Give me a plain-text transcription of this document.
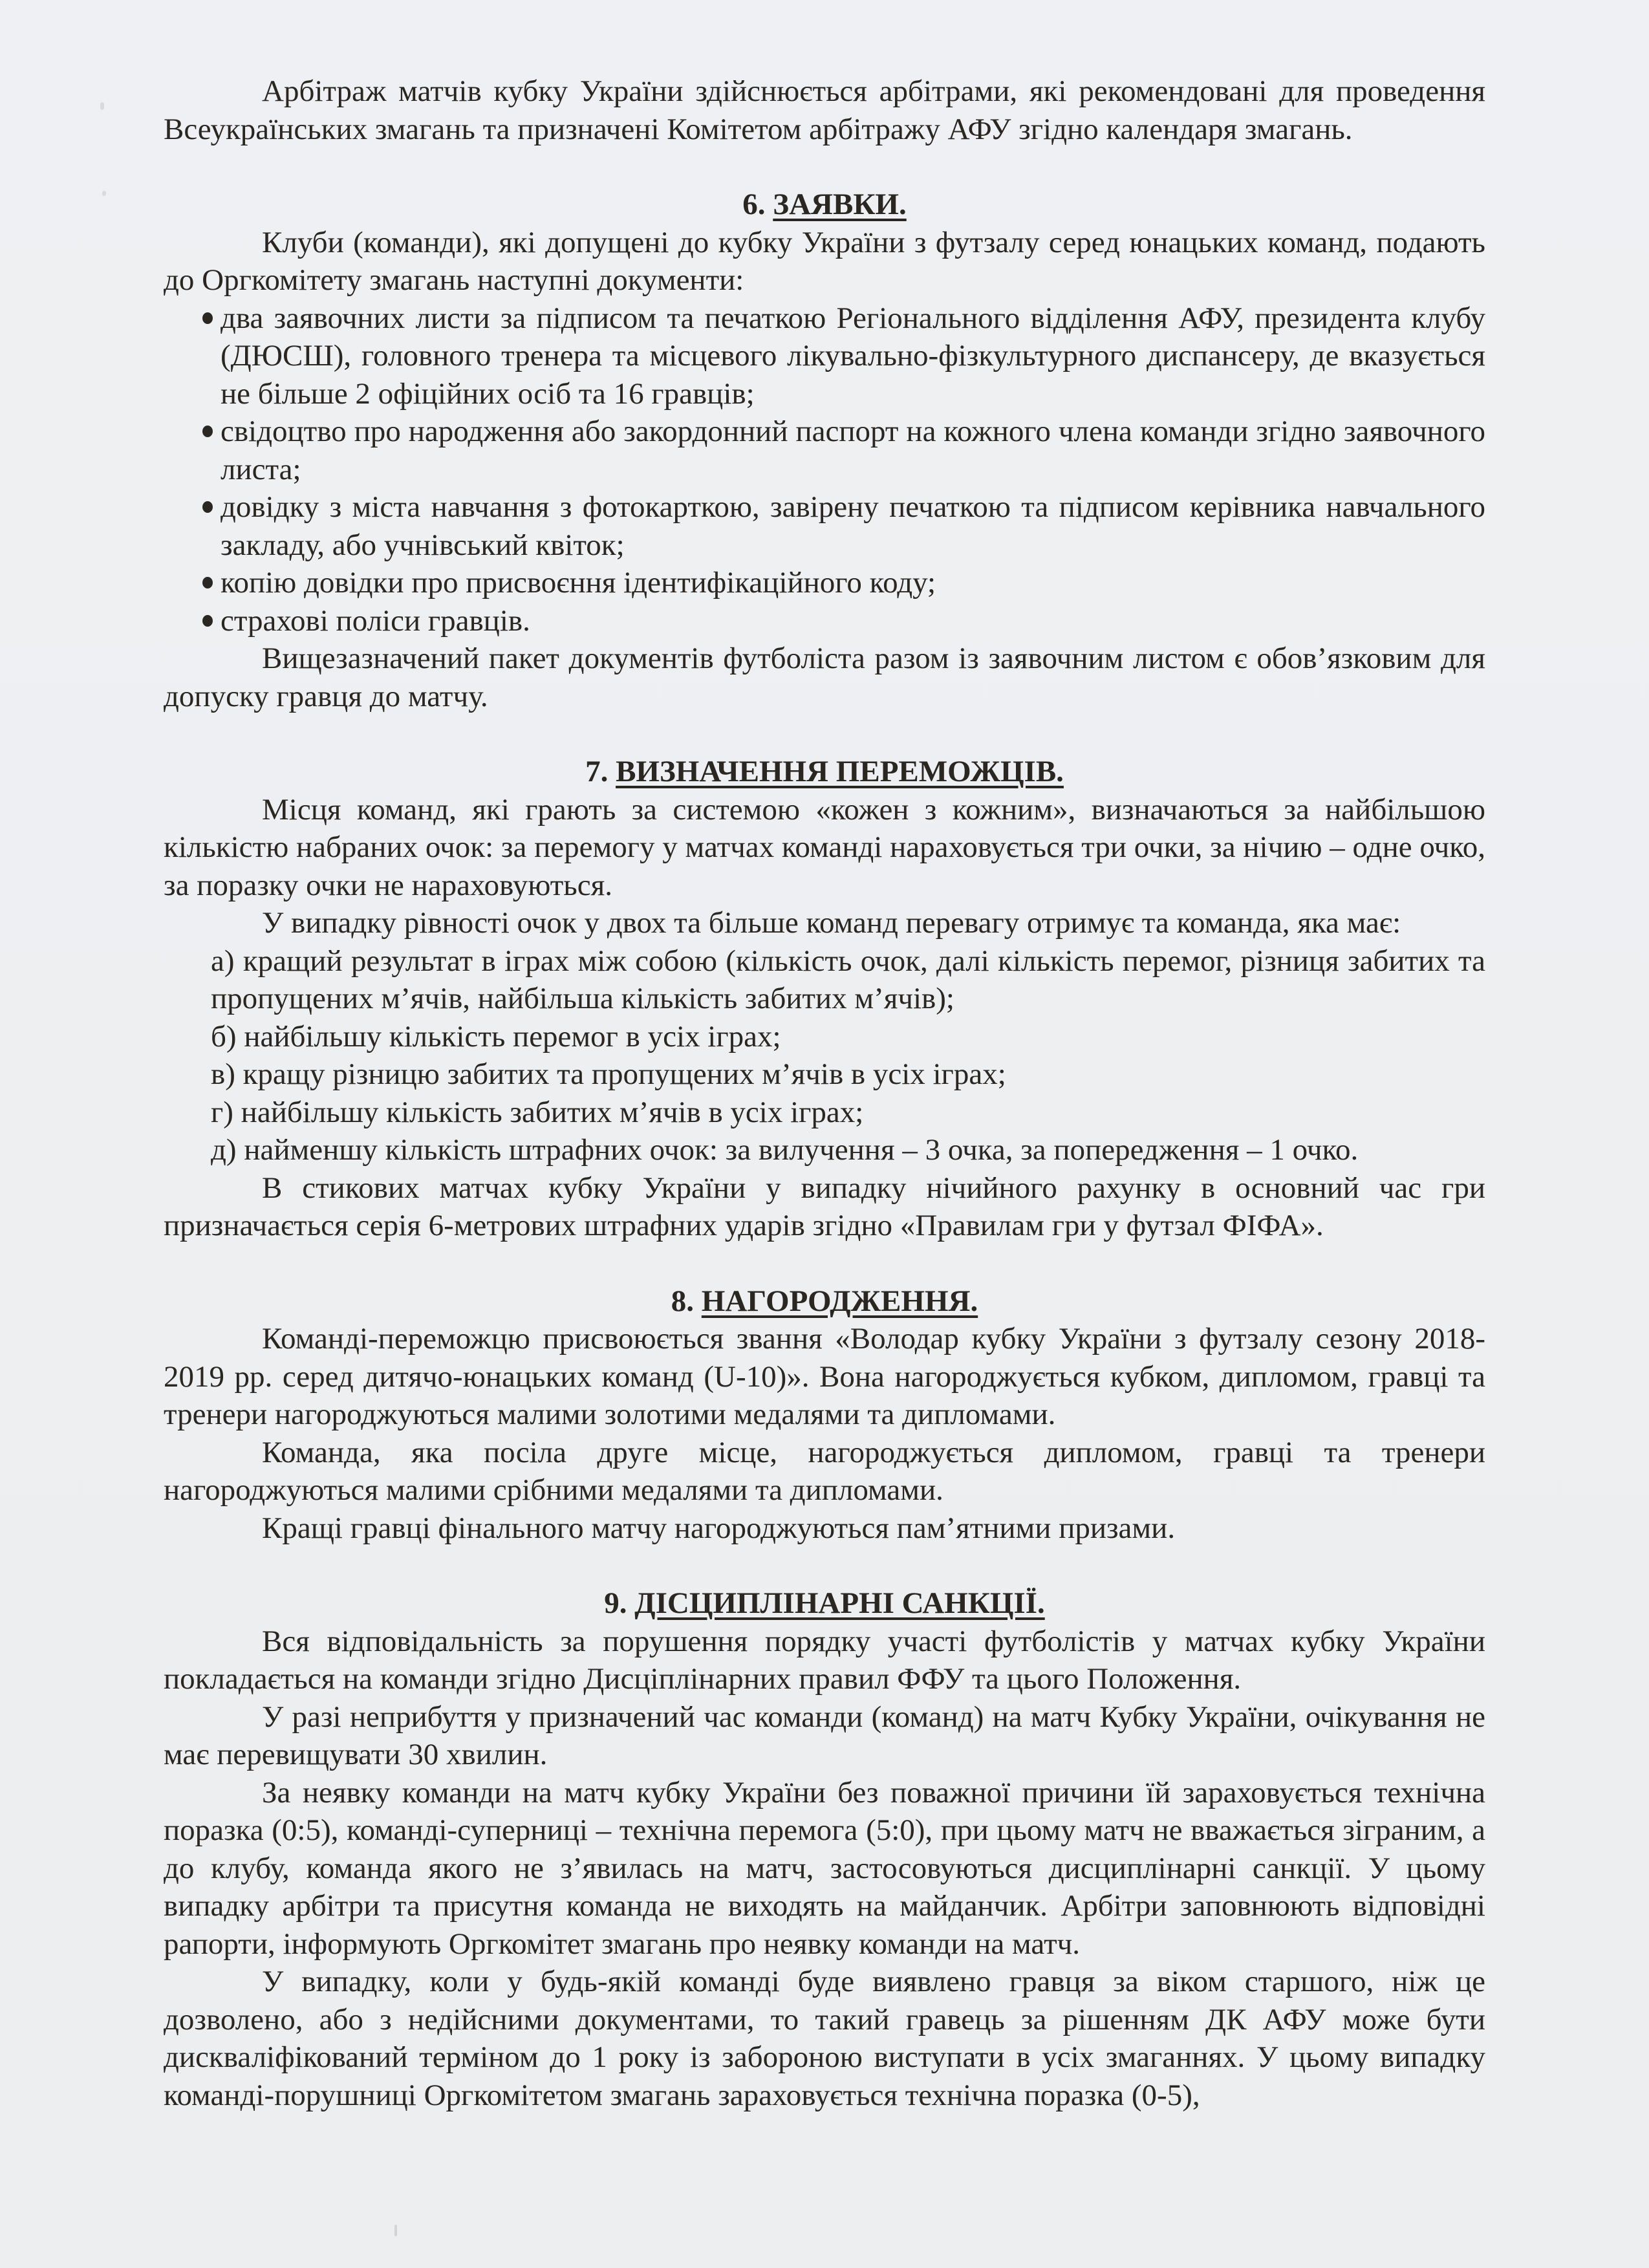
Арбітраж матчів кубку України здійснюється арбітрами, які рекомендовані для проведення Всеукраїнських змагань та призначені Комітетом арбітражу АФУ згідно календаря змагань.

6. ЗАЯВКИ.

Клуби (команди), які допущені до кубку України з футзалу серед юнацьких команд, подають до Оргкомітету змагань наступні документи:

два заявочних листи за підписом та печаткою Регіонального відділення АФУ, президента клубу (ДЮСШ), головного тренера та місцевого лікувально-фізкультурного диспансеру, де вказується не більше 2 офіційних осіб та 16 гравців;
свідоцтво про народження або закордонний паспорт на кожного члена команди згідно заявочного листа;
довідку з міста навчання з фотокарткою, завірену печаткою та підписом керівника навчального закладу, або учнівський квіток;
копію довідки про присвоєння ідентифікаційного коду;
страхові поліси гравців.

Вищезазначений пакет документів футболіста разом із заявочним листом є обов’язковим для допуску гравця до матчу.

7. ВИЗНАЧЕННЯ ПЕРЕМОЖЦІВ.

Місця команд, які грають за системою «кожен з кожним», визначаються за найбільшою кількістю набраних очок: за перемогу у матчах команді нараховується три очки, за нічию – одне очко, за поразку очки не нараховуються.

У випадку рівності очок у двох та більше команд перевагу отримує та команда, яка має:

а) кращий результат в іграх між собою (кількість очок, далі кількість перемог, різниця забитих та пропущених м’ячів, найбільша кількість забитих м’ячів);

б) найбільшу кількість перемог в усіх іграх;

в) кращу різницю забитих та пропущених м’ячів в усіх іграх;

г) найбільшу кількість забитих м’ячів в усіх іграх;

д) найменшу кількість штрафних очок: за вилучення – 3 очка, за попередження – 1 очко.

В стикових матчах кубку України у випадку нічийного рахунку в основний час гри призначається серія 6-метрових штрафних ударів згідно «Правилам гри у футзал ФІФА».

8. НАГОРОДЖЕННЯ.

Команді-переможцю присвоюється звання «Володар кубку України з футзалу сезону 2018-2019 рр. серед дитячо-юнацьких команд (U-10)». Вона нагороджується кубком, дипломом, гравці та тренери нагороджуються малими золотими медалями та дипломами.

Команда, яка посіла друге місце, нагороджується дипломом, гравці та тренери нагороджуються малими срібними медалями та дипломами.

Кращі гравці фінального матчу нагороджуються пам’ятними призами.

9. ДІСЦИПЛІНАРНІ САНКЦІЇ.

Вся відповідальність за порушення порядку участі футболістів у матчах кубку України покладається на команди згідно Дисціплінарних правил ФФУ та цього Положення.

У разі неприбуття у призначений час команди (команд) на матч Кубку України, очікування не має перевищувати 30 хвилин.

За неявку команди на матч кубку України без поважної причини їй зараховується технічна поразка (0:5), команді-суперниці – технічна перемога (5:0), при цьому матч не вважається зіграним, а до клубу, команда якого не з’явилась на матч, застосовуються дисциплінарні санкції. У цьому випадку арбітри та присутня команда не виходять на майданчик. Арбітри заповнюють відповідні рапорти, інформують Оргкомітет змагань про неявку команди на матч.

У випадку, коли у будь-якій команді буде виявлено гравця за віком старшого, ніж це дозволено, або з недійсними документами, то такий гравець за рішенням ДК АФУ може бути дискваліфікований терміном до 1 року із забороною виступати в усіх змаганнях. У цьому випадку команді-порушниці Оргкомітетом змагань зараховується технічна поразка (0-5),
